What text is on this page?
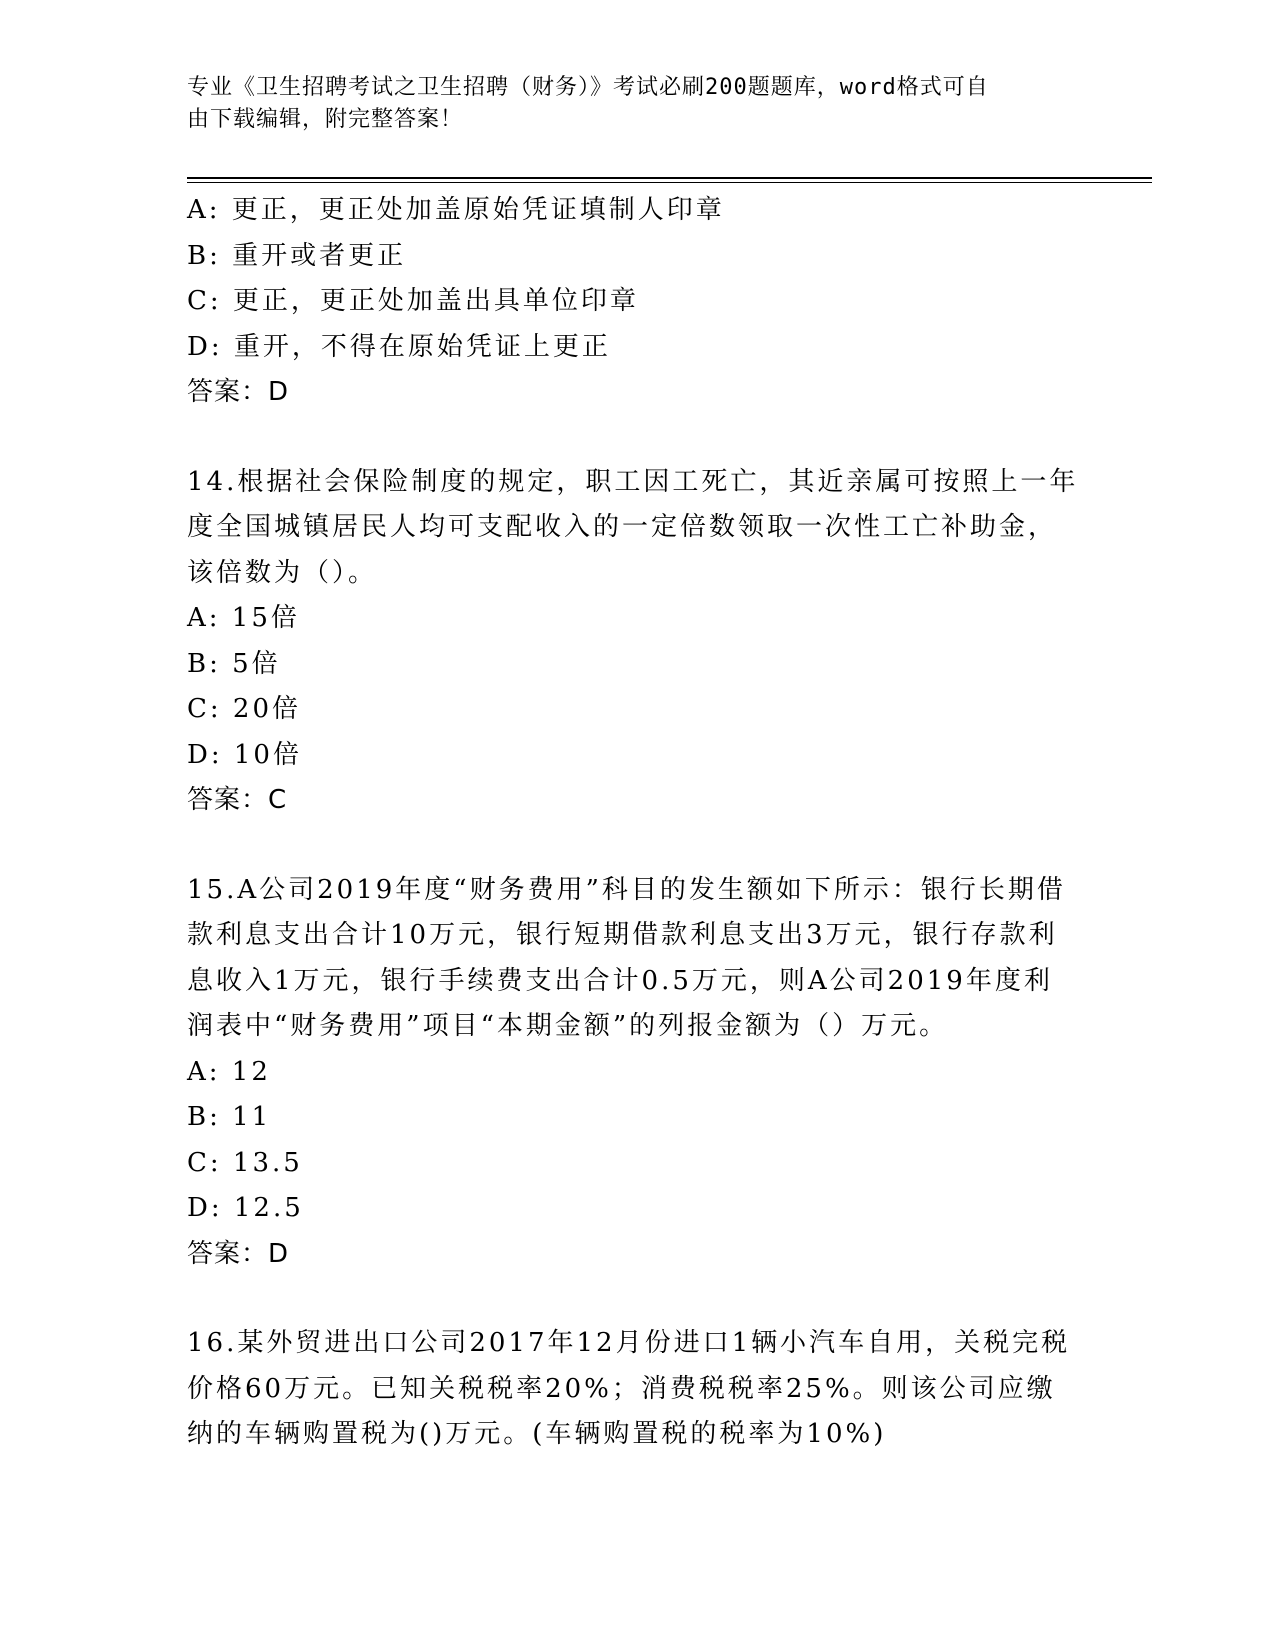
专业《卫生招聘考试之卫生招聘（财务）》考试必刷200题题库，word格式可自
由下载编辑，附完整答案！
A: 更正，更正处加盖原始凭证填制人印章
B: 重开或者更正
C: 更正，更正处加盖出具单位印章
D: 重开，不得在原始凭证上更正
答案：D
14.根据社会保险制度的规定，职工因工死亡，其近亲属可按照上一年
度全国城镇居民人均可支配收入的一定倍数领取一次性工亡补助金，
该倍数为（）。
A: 15倍
B: 5倍
C: 20倍
D: 10倍
答案：C
15.A公司2019年度“财务费用”科目的发生额如下所示：银行长期借
款利息支出合计10万元，银行短期借款利息支出3万元，银行存款利
息收入1万元，银行手续费支出合计0.5万元，则A公司2019年度利
润表中“财务费用”项目“本期金额”的列报金额为（）万元。
A: 12
B: 11
C: 13.5
D: 12.5
答案：D
16.某外贸进出口公司2017年12月份进口1辆小汽车自用，关税完税
价格60万元。已知关税税率20%；消费税税率25%。则该公司应缴
纳的车辆购置税为()万元。(车辆购置税的税率为10%)
